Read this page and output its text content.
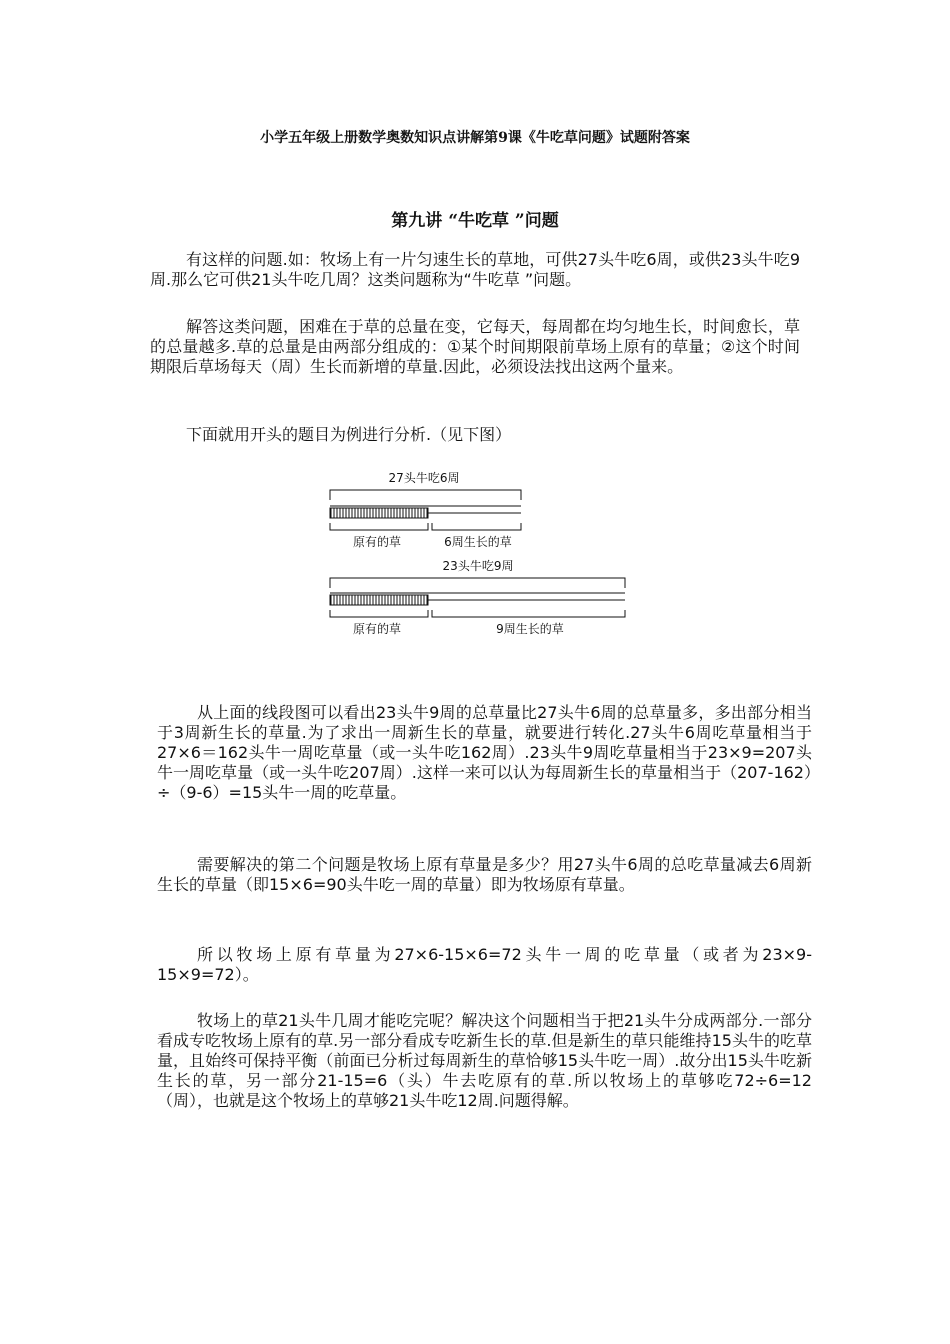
小学五年级上册数学奥数知识点讲解第9课《牛吃草问题》试题附答案
第九讲 “牛吃草 ”问题

有这样的问题.如：牧场上有一片匀速生长的草地，可供27头牛吃6周，或供23头牛吃9周.那么它可供21头牛吃几周？这类问题称为“牛吃草 ”问题。

解答这类问题，困难在于草的总量在变，它每天，每周都在均匀地生长，时间愈长，草的总量越多.草的总量是由两部分组成的：①某个时间期限前草场上原有的草量；②这个时间期限后草场每天（周）生长而新增的草量.因此，必须设法找出这两个量来。

下面就用开头的题目为例进行分析.（见下图）

27头牛吃6周
原有的草	6周生长的草
23头牛吃9周
原有的草	9周生长的草

从上面的线段图可以看出23头牛9周的总草量比27头牛6周的总草量多，多出部分相当于3周新生长的草量.为了求出一周新生长的草量，就要进行转化.27头牛6周吃草量相当于27×6＝162头牛一周吃草量（或一头牛吃162周）.23头牛9周吃草量相当于23×9=207头牛一周吃草量（或一头牛吃207周）.这样一来可以认为每周新生长的草量相当于（207-162）÷（9-6）=15头牛一周的吃草量。

需要解决的第二个问题是牧场上原有草量是多少？用27头牛6周的总吃草量减去6周新生长的草量（即15×6=90头牛吃一周的草量）即为牧场原有草量。

所以牧场上原有草量为27×6-15×6=72头牛一周的吃草量（或者为23×9-15×9=72）。

牧场上的草21头牛几周才能吃完呢？解决这个问题相当于把21头牛分成两部分.一部分看成专吃牧场上原有的草.另一部分看成专吃新生长的草.但是新生的草只能维持15头牛的吃草量，且始终可保持平衡（前面已分析过每周新生的草恰够15头牛吃一周）.故分出15头牛吃新生长的草，另一部分21-15=6（头）牛去吃原有的草.所以牧场上的草够吃72÷6=12（周），也就是这个牧场上的草够21头牛吃12周.问题得解。
